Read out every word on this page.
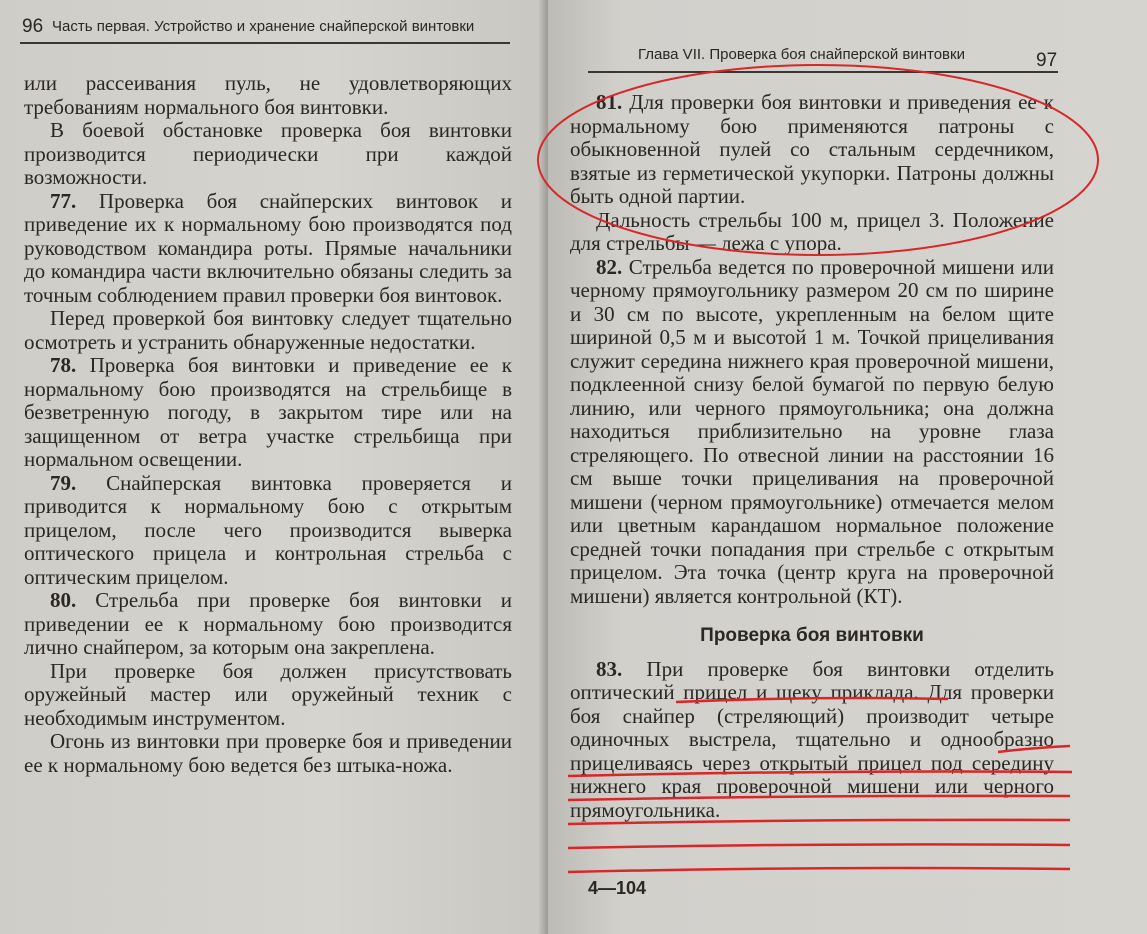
96 Часть первая. Устройство и хранение снайперской винтовки

или рассеивания пуль, не удовлетворяющих требованиям нормального боя винтовки.

В боевой обстановке проверка боя винтовки производится периодически при каждой возможности.

77. Проверка боя снайперских винтовок и приведение их к нормальному бою производятся под руководством командира роты. Прямые начальники до командира части включительно обязаны следить за точным соблюдением правил проверки боя винтовок.

Перед проверкой боя винтовку следует тщательно осмотреть и устранить обнаруженные недостатки.

78. Проверка боя винтовки и приведение ее к нормальному бою производятся на стрельбище в безветренную погоду, в закрытом тире или на защищенном от ветра участке стрельбища при нормальном освещении.

79. Снайперская винтовка проверяется и приводится к нормальному бою с открытым прицелом, после чего производится выверка оптического прицела и контрольная стрельба с оптическим прицелом.

80. Стрельба при проверке боя винтовки и приведении ее к нормальному бою производится лично снайпером, за которым она закреплена.

При проверке боя должен присутствовать оружейный мастер или оружейный техник с необходимым инструментом.

Огонь из винтовки при проверке боя и приведении ее к нормальному бою ведется без штыка-ножа.

Глава VII. Проверка боя снайперской винтовки	97

81. Для проверки боя винтовки и приведения ее к нормальному бою применяются патроны с обыкновенной пулей со стальным сердечником, взятые из герметической укупорки. Патроны должны быть одной партии.

Дальность стрельбы 100 м, прицел 3. Положение для стрельбы — лежа с упора.

82. Стрельба ведется по проверочной мишени или черному прямоугольнику размером 20 см по ширине и 30 см по высоте, укрепленным на белом щите шириной 0,5 м и высотой 1 м. Точкой прицеливания служит середина нижнего края проверочной мишени, подклеенной снизу белой бумагой по первую белую линию, или черного прямоугольника; она должна находиться приблизительно на уровне глаза стреляющего. По отвесной линии на расстоянии 16 см выше точки прицеливания на проверочной мишени (черном прямоугольнике) отмечается мелом или цветным карандашом нормальное положение средней точки попадания при стрельбе с открытым прицелом. Эта точка (центр круга на проверочной мишени) является контрольной (КТ).

Проверка боя винтовки

83. При проверке боя винтовки отделить оптический прицел и щеку приклада. Для проверки боя снайпер (стреляющий) производит четыре одиночных выстрела, тщательно и однообразно прицеливаясь через открытый прицел под середину нижнего края проверочной мишени или черного прямоугольника.

4—104
